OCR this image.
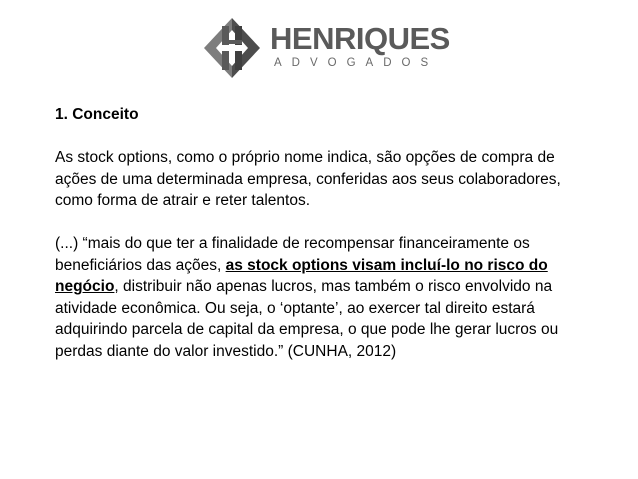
HENRIQUES
ADVOGADOS
1. Conceito

As stock options, como o próprio nome indica, são opções de compra de ações de uma determinada empresa, conferidas aos seus colaboradores, como forma de atrair e reter talentos.

(...) “mais do que ter a finalidade de recompensar financeiramente os beneficiários das ações, as stock options visam incluí-lo no risco do negócio, distribuir não apenas lucros, mas também o risco envolvido na atividade econômica. Ou seja, o ‘optante’, ao exercer tal direito estará adquirindo parcela de capital da empresa, o que pode lhe gerar lucros ou perdas diante do valor investido.” (CUNHA, 2012)
